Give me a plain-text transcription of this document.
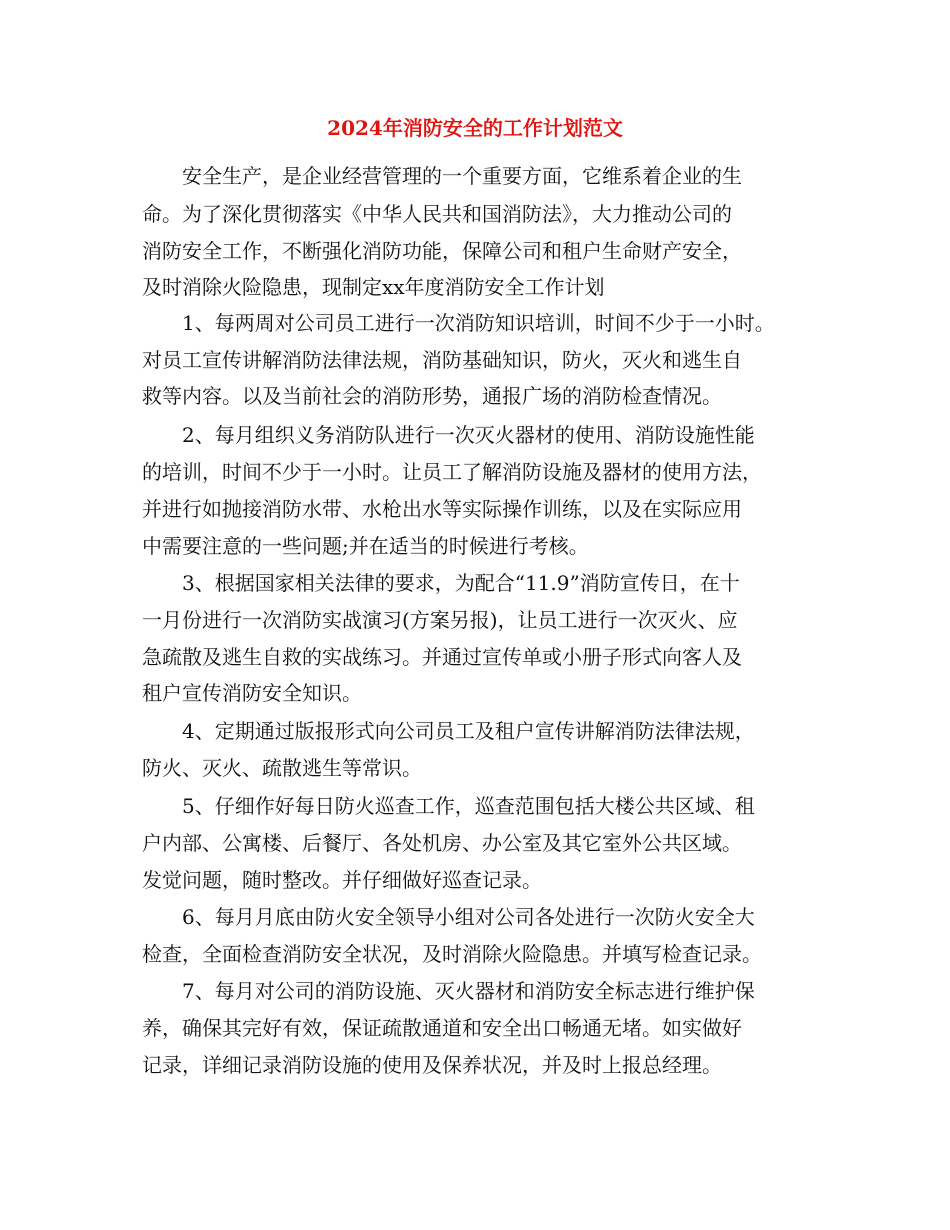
2024年消防安全的工作计划范文

　　安全生产，是企业经营管理的一个重要方面，它维系着企业的生

命。为了深化贯彻落实《中华人民共和国消防法》，大力推动公司的

消防安全工作，不断强化消防功能，保障公司和租户生命财产安全，

及时消除火险隐患，现制定xx年度消防安全工作计划

　　1、每两周对公司员工进行一次消防知识培训，时间不少于一小时。

对员工宣传讲解消防法律法规，消防基础知识，防火，灭火和逃生自

救等内容。以及当前社会的消防形势，通报广场的消防检查情况。

　　2、每月组织义务消防队进行一次灭火器材的使用、消防设施性能

的培训，时间不少于一小时。让员工了解消防设施及器材的使用方法，

并进行如抛接消防水带、水枪出水等实际操作训练，以及在实际应用

中需要注意的一些问题;并在适当的时候进行考核。

　　3、根据国家相关法律的要求，为配合“11.9”消防宣传日，在十

一月份进行一次消防实战演习(方案另报)，让员工进行一次灭火、应

急疏散及逃生自救的实战练习。并通过宣传单或小册子形式向客人及

租户宣传消防安全知识。

　　4、定期通过版报形式向公司员工及租户宣传讲解消防法律法规，

防火、灭火、疏散逃生等常识。

　　5、仔细作好每日防火巡查工作，巡查范围包括大楼公共区域、租

户内部、公寓楼、后餐厅、各处机房、办公室及其它室外公共区域。

发觉问题，随时整改。并仔细做好巡查记录。

　　6、每月月底由防火安全领导小组对公司各处进行一次防火安全大

检查，全面检查消防安全状况，及时消除火险隐患。并填写检查记录。

　　7、每月对公司的消防设施、灭火器材和消防安全标志进行维护保

养，确保其完好有效，保证疏散通道和安全出口畅通无堵。如实做好

记录，详细记录消防设施的使用及保养状况，并及时上报总经理。
